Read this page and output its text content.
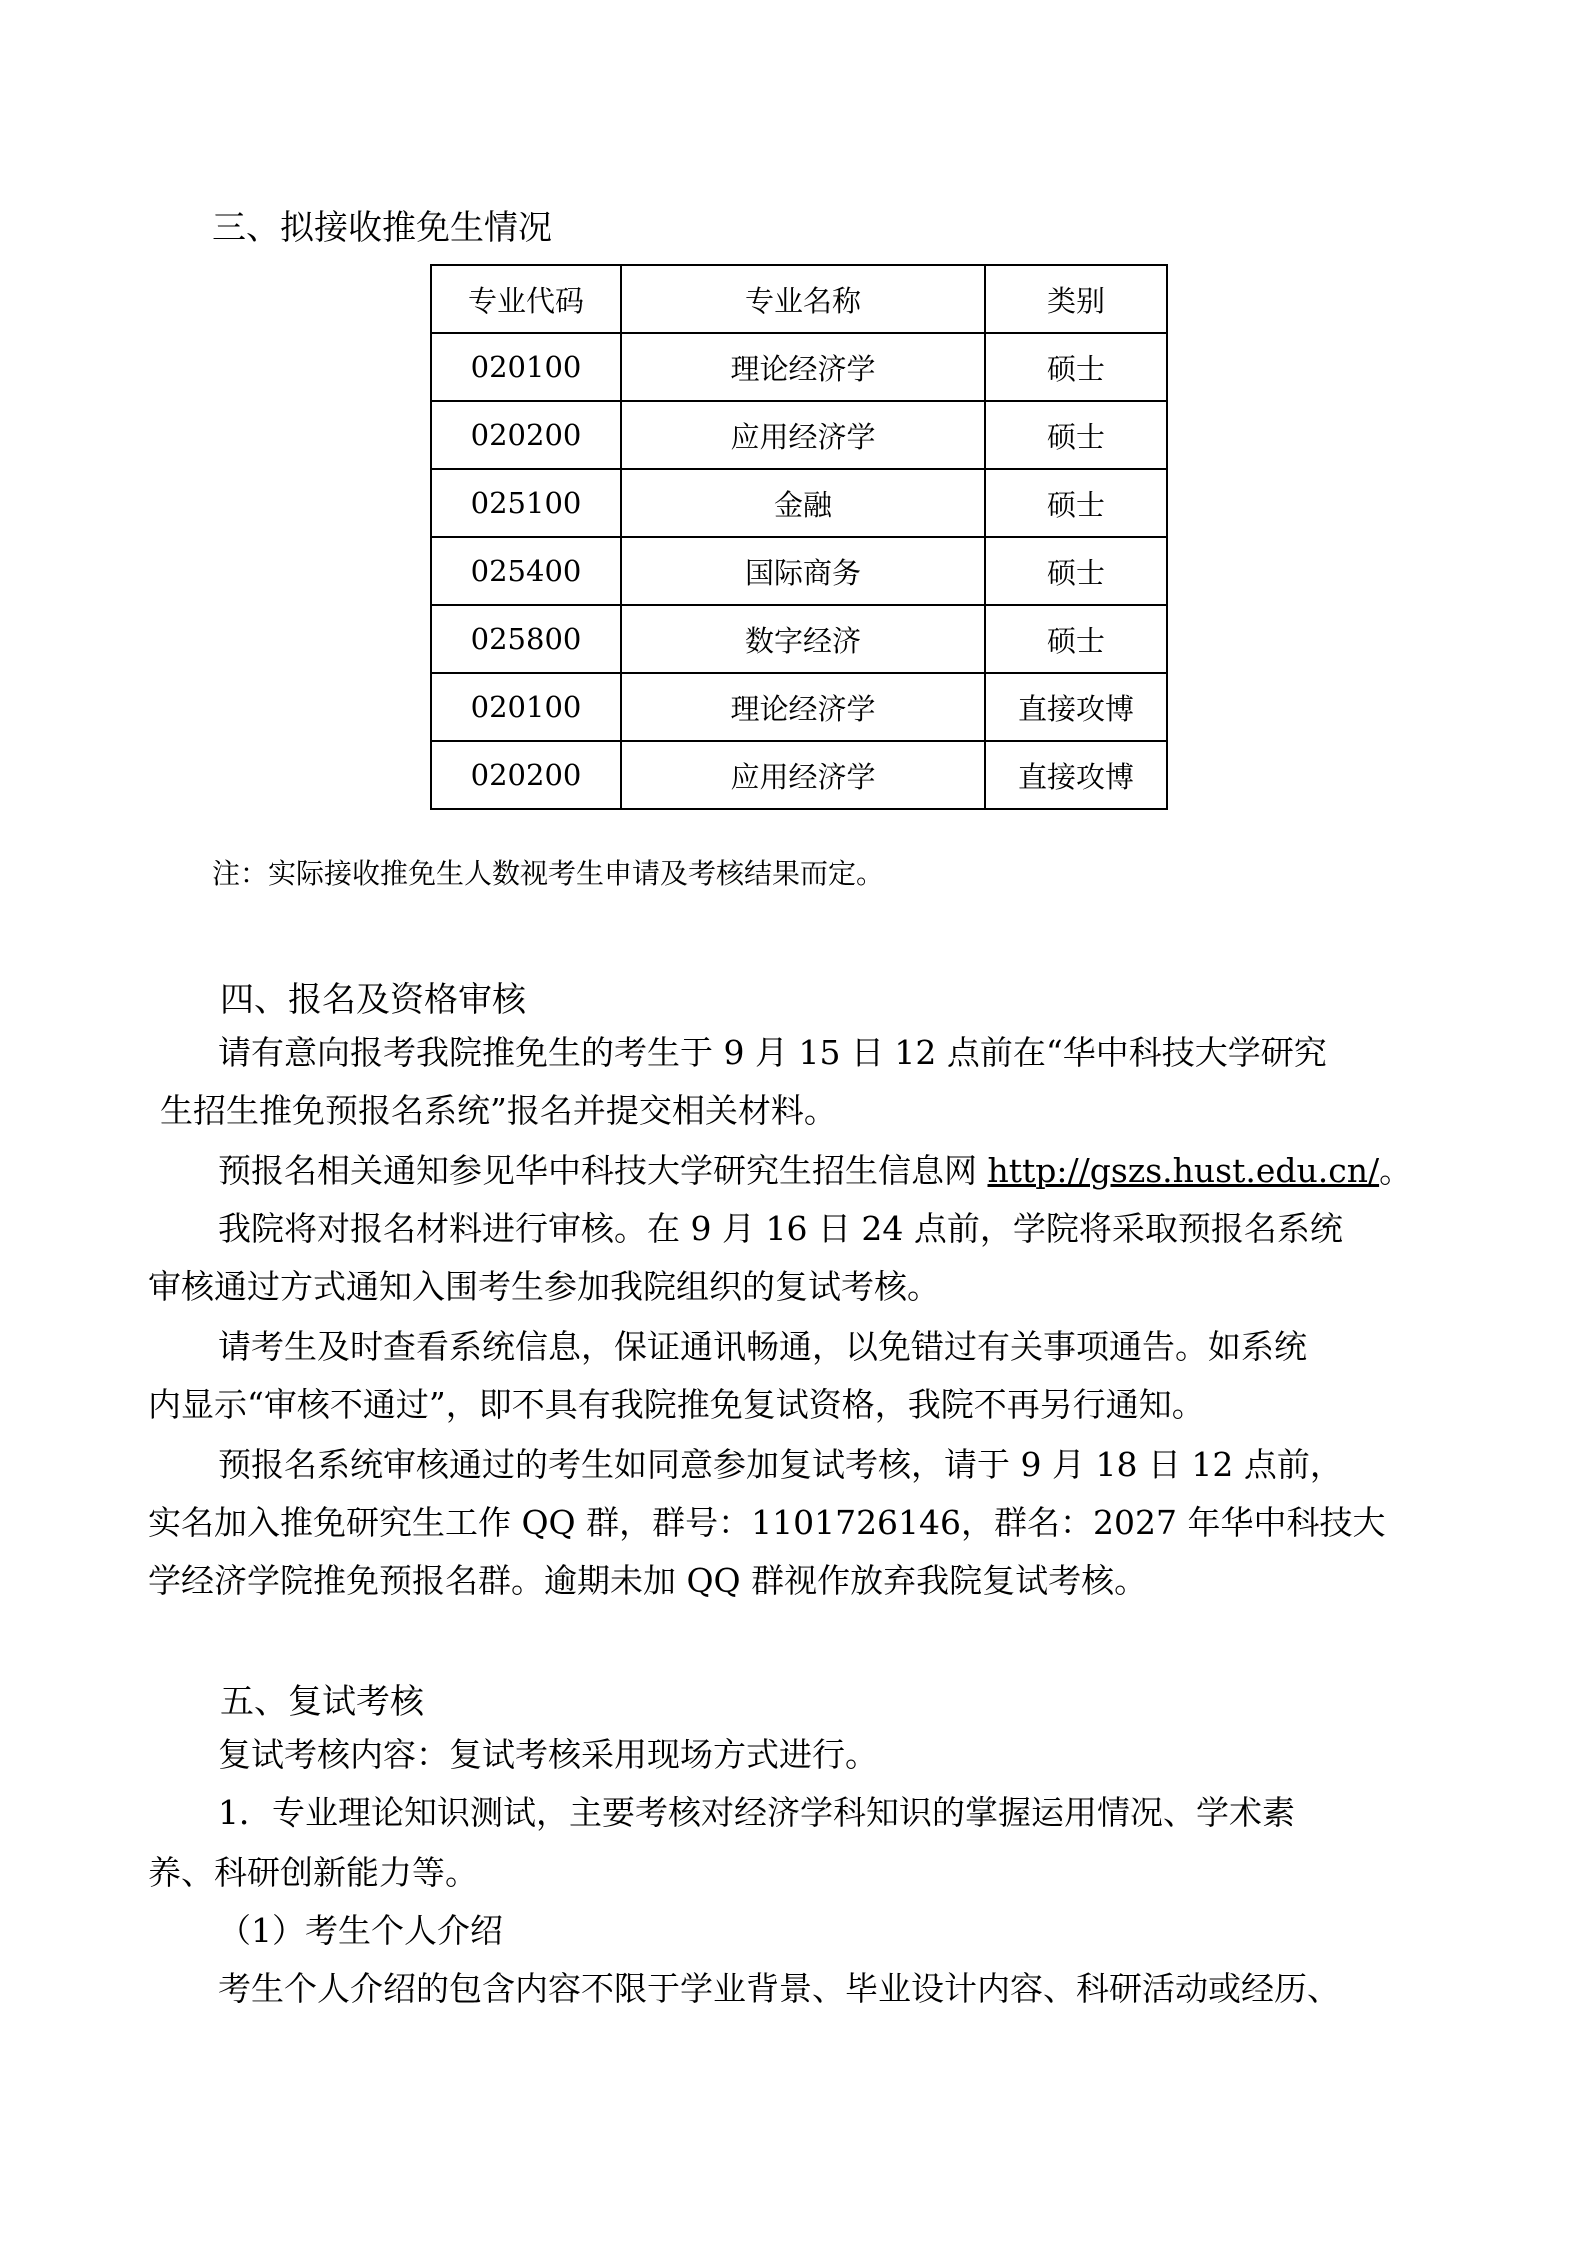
三、拟接收推免生情况
专业代码	专业名称	类别
020100	理论经济学	硕士
020200	应用经济学	硕士
025100	金融	硕士
025400	国际商务	硕士
025800	数字经济	硕士
020100	理论经济学	直接攻博
020200	应用经济学	直接攻博

注：实际接收推免生人数视考生申请及考核结果而定。

四、报名及资格审核

请有意向报考我院推免生的考生于 9 月 15 日 12 点前在“华中科技大学研究

生招生推免预报名系统”报名并提交相关材料。

预报名相关通知参见华中科技大学研究生招生信息网 http://gszs.hust.edu.cn/。

我院将对报名材料进行审核。在 9 月 16 日 24 点前，学院将采取预报名系统

审核通过方式通知入围考生参加我院组织的复试考核。

请考生及时查看系统信息，保证通讯畅通，以免错过有关事项通告。如系统

内显示“审核不通过”，即不具有我院推免复试资格，我院不再另行通知。

预报名系统审核通过的考生如同意参加复试考核，请于 9 月 18 日 12 点前，

实名加入推免研究生工作 QQ 群，群号：1101726146，群名：2027 年华中科技大

学经济学院推免预报名群。逾期未加 QQ 群视作放弃我院复试考核。

五、复试考核

复试考核内容：复试考核采用现场方式进行。

1．专业理论知识测试，主要考核对经济学科知识的掌握运用情况、学术素

养、科研创新能力等。

（1）考生个人介绍

考生个人介绍的包含内容不限于学业背景、毕业设计内容、科研活动或经历、
